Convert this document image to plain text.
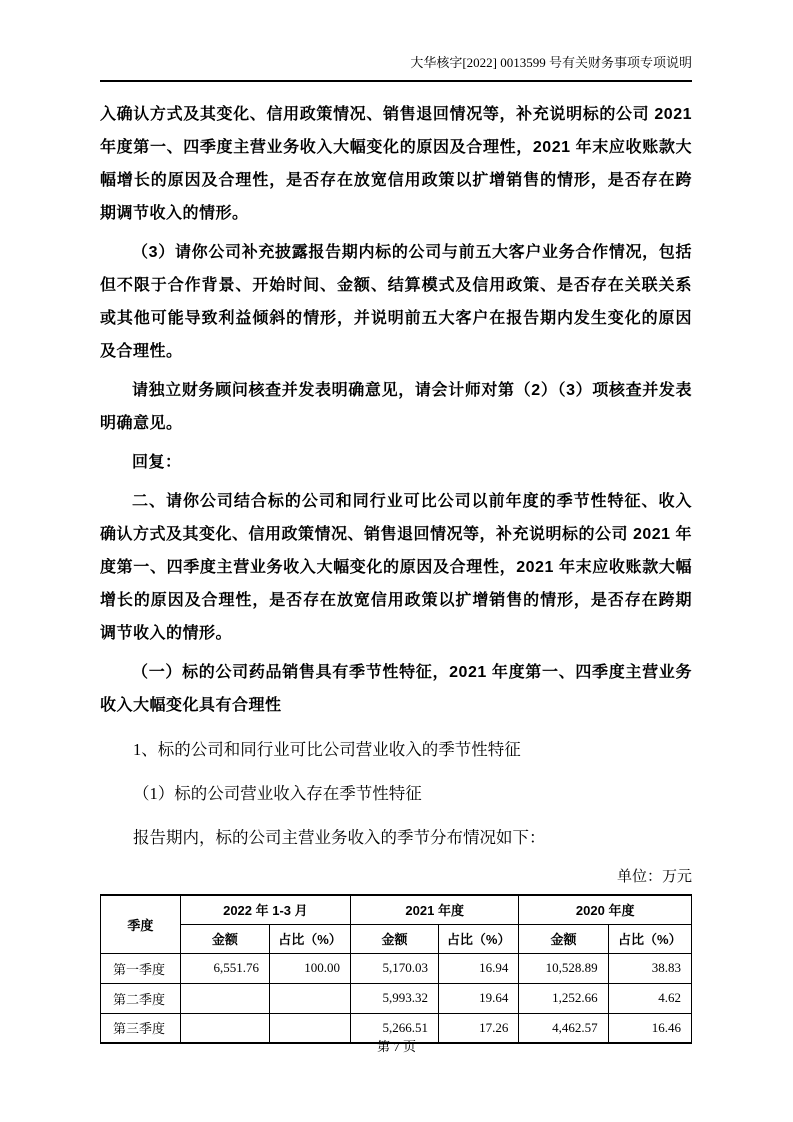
大华核字[2022] 0013599 号有关财务事项专项说明

入确认方式及其变化、信用政策情况、销售退回情况等，补充说明标的公司 2021 年度第一、四季度主营业务收入大幅变化的原因及合理性，2021 年末应收账款大幅增长的原因及合理性，是否存在放宽信用政策以扩增销售的情形，是否存在跨期调节收入的情形。

（3）请你公司补充披露报告期内标的公司与前五大客户业务合作情况，包括但不限于合作背景、开始时间、金额、结算模式及信用政策、是否存在关联关系或其他可能导致利益倾斜的情形，并说明前五大客户在报告期内发生变化的原因及合理性。

请独立财务顾问核查并发表明确意见，请会计师对第（2）（3）项核查并发表明确意见。

回复：

二、请你公司结合标的公司和同行业可比公司以前年度的季节性特征、收入确认方式及其变化、信用政策情况、销售退回情况等，补充说明标的公司 2021 年度第一、四季度主营业务收入大幅变化的原因及合理性，2021 年末应收账款大幅增长的原因及合理性，是否存在放宽信用政策以扩增销售的情形，是否存在跨期调节收入的情形。

（一）标的公司药品销售具有季节性特征，2021 年度第一、四季度主营业务收入大幅变化具有合理性

1、标的公司和同行业可比公司营业收入的季节性特征

（1）标的公司营业收入存在季节性特征

报告期内，标的公司主营业务收入的季节分布情况如下：

单位：万元
季度	2022 年 1-3 月		2021 年度		2020 年度	
	金额	占比（%）	金额	占比（%）	金额	占比（%）
第一季度	6,551.76	100.00	5,170.03	16.94	10,528.89	38.83
第二季度			5,993.32	19.64	1,252.66	4.62
第三季度			5,266.51	17.26	4,462.57	16.46
第 7 页
